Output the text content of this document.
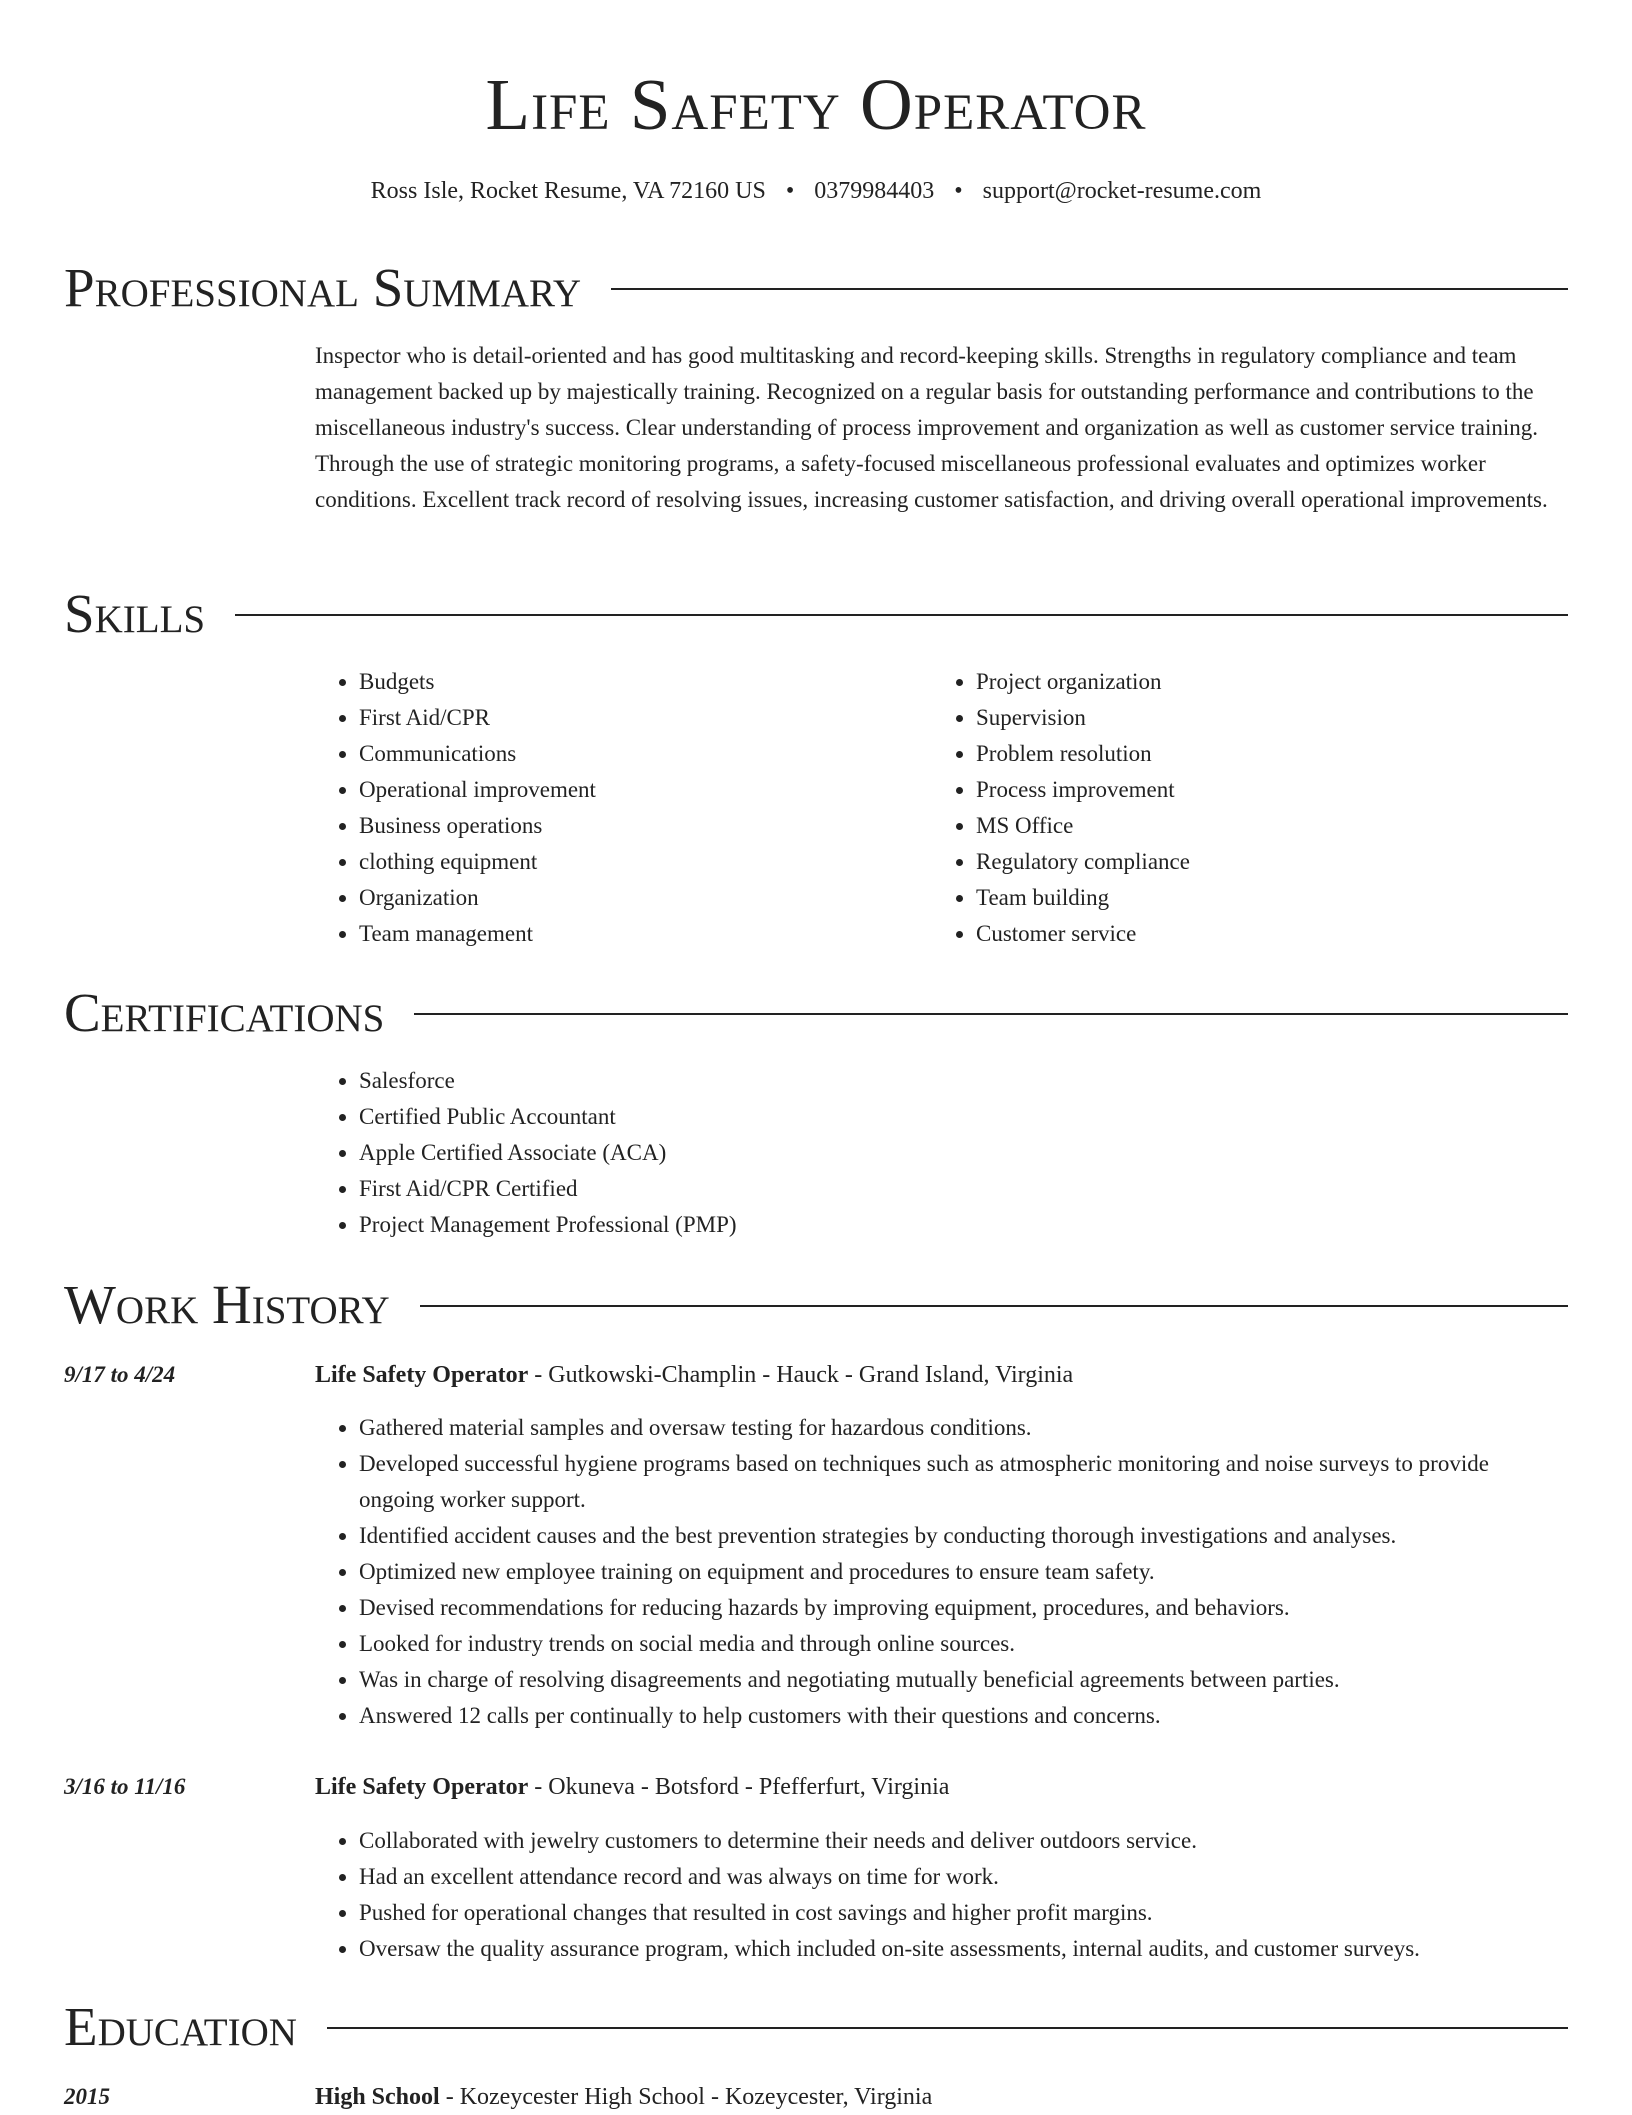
Life Safety Operator
Ross Isle, Rocket Resume, VA 72160 US • 0379984403 • support@rocket-resume.com
Professional Summary

Inspector who is detail-oriented and has good multitasking and record-keeping skills. Strengths in regulatory compliance and team management backed up by majestically training. Recognized on a regular basis for outstanding performance and contributions to the miscellaneous industry's success. Clear understanding of process improvement and organization as well as customer service training. Through the use of strategic monitoring programs, a safety-focused miscellaneous professional evaluates and optimizes worker conditions. Excellent track record of resolving issues, increasing customer satisfaction, and driving overall operational improvements.

Skills
• Budgets
• First Aid/CPR
• Communications
• Operational improvement
• Business operations
• clothing equipment
• Organization
• Team management
• Project organization
• Supervision
• Problem resolution
• Process improvement
• MS Office
• Regulatory compliance
• Team building
• Customer service
Certifications
• Salesforce
• Certified Public Accountant
• Apple Certified Associate (ACA)
• First Aid/CPR Certified
• Project Management Professional (PMP)
Work History
9/17 to 4/24	Life Safety Operator - Gutkowski-Champlin - Hauck - Grand Island, Virginia
• Gathered material samples and oversaw testing for hazardous conditions.
• Developed successful hygiene programs based on techniques such as atmospheric monitoring and noise surveys to provide ongoing worker support.
• Identified accident causes and the best prevention strategies by conducting thorough investigations and analyses.
• Optimized new employee training on equipment and procedures to ensure team safety.
• Devised recommendations for reducing hazards by improving equipment, procedures, and behaviors.
• Looked for industry trends on social media and through online sources.
• Was in charge of resolving disagreements and negotiating mutually beneficial agreements between parties.
• Answered 12 calls per continually to help customers with their questions and concerns.
3/16 to 11/16	Life Safety Operator - Okuneva - Botsford - Pfefferfurt, Virginia
• Collaborated with jewelry customers to determine their needs and deliver outdoors service.
• Had an excellent attendance record and was always on time for work.
• Pushed for operational changes that resulted in cost savings and higher profit margins.
• Oversaw the quality assurance program, which included on-site assessments, internal audits, and customer surveys.
Education
2015	High School - Kozeycester High School - Kozeycester, Virginia
